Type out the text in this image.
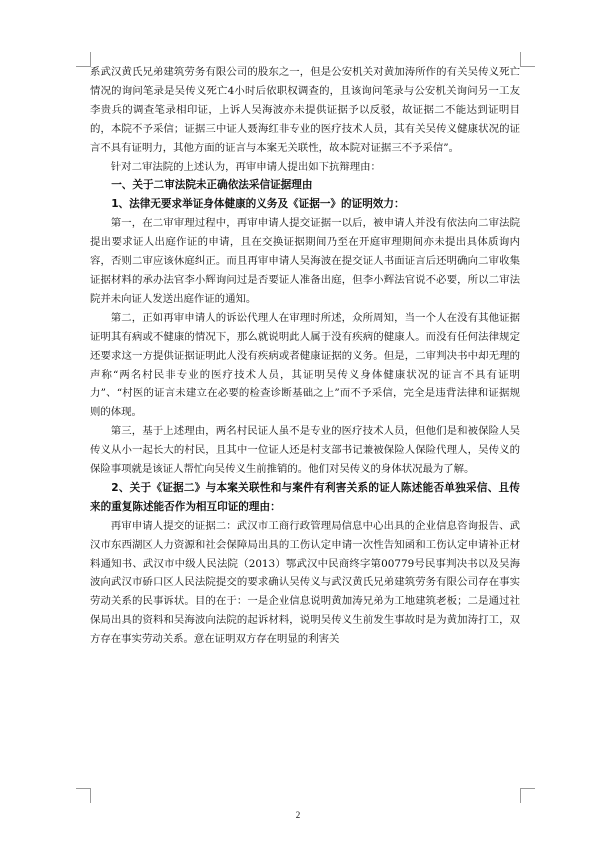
系武汉黄氏兄弟建筑劳务有限公司的股东之一，但是公安机关对黄加涛所作的有关吴传义死亡情况的询问笔录是吴传义死亡4小时后依职权调查的，且该询问笔录与公安机关询问另一工友李贵兵的调查笔录相印证，上诉人吴海波亦未提供证据予以反驳，故证据二不能达到证明目的，本院不予采信；证据三中证人聂海红非专业的医疗技术人员，其有关吴传义健康状况的证言不具有证明力，其他方面的证言与本案无关联性，故本院对证据三不予采信”。

针对二审法院的上述认为，再审申请人提出如下抗辩理由：

一、关于二审法院未正确依法采信证据理由

1、法律无要求举证身体健康的义务及《证据一》的证明效力：

第一，在二审审理过程中，再审申请人提交证据一以后，被申请人并没有依法向二审法院提出要求证人出庭作证的申请，且在交换证据期间乃至在开庭审理期间亦未提出具体质询内容，否则二审应该休庭纠正。而且再审申请人吴海波在提交证人书面证言后还明确向二审收集证据材料的承办法官李小辉询问过是否要证人准备出庭，但李小辉法官说不必要，所以二审法院并未向证人发送出庭作证的通知。

第二，正如再审申请人的诉讼代理人在审理时所述，众所周知，当一个人在没有其他证据证明其有病或不健康的情况下，那么就说明此人属于没有疾病的健康人。而没有任何法律规定还要求这一方提供证据证明此人没有疾病或者健康证据的义务。但是，二审判决书中却无理的声称“两名村民非专业的医疗技术人员，其证明吴传义身体健康状况的证言不具有证明力”、“村医的证言未建立在必要的检查诊断基础之上”而不予采信，完全是违背法律和证据规则的体现。

第三，基于上述理由，两名村民证人虽不是专业的医疗技术人员，但他们是和被保险人吴传义从小一起长大的村民，且其中一位证人还是村支部书记兼被保险人保险代理人，吴传义的保险事项就是该证人帮忙向吴传义生前推销的。他们对吴传义的身体状况最为了解。

2、关于《证据二》与本案关联性和与案件有利害关系的证人陈述能否单独采信、且传来的重复陈述能否作为相互印证的理由：

再审申请人提交的证据二：武汉市工商行政管理局信息中心出具的企业信息咨询报告、武汉市东西湖区人力资源和社会保障局出具的工伤认定申请一次性告知函和工伤认定申请补正材料通知书、武汉市中级人民法院（2013）鄂武汉中民商终字第00779号民事判决书以及吴海波向武汉市硚口区人民法院提交的要求确认吴传义与武汉黄氏兄弟建筑劳务有限公司存在事实劳动关系的民事诉状。目的在于：一是企业信息说明黄加涛兄弟为工地建筑老板；二是通过社保局出具的资料和吴海波向法院的起诉材料，说明吴传义生前发生事故时是为黄加涛打工，双方存在事实劳动关系。意在证明双方存在明显的利害关

2
